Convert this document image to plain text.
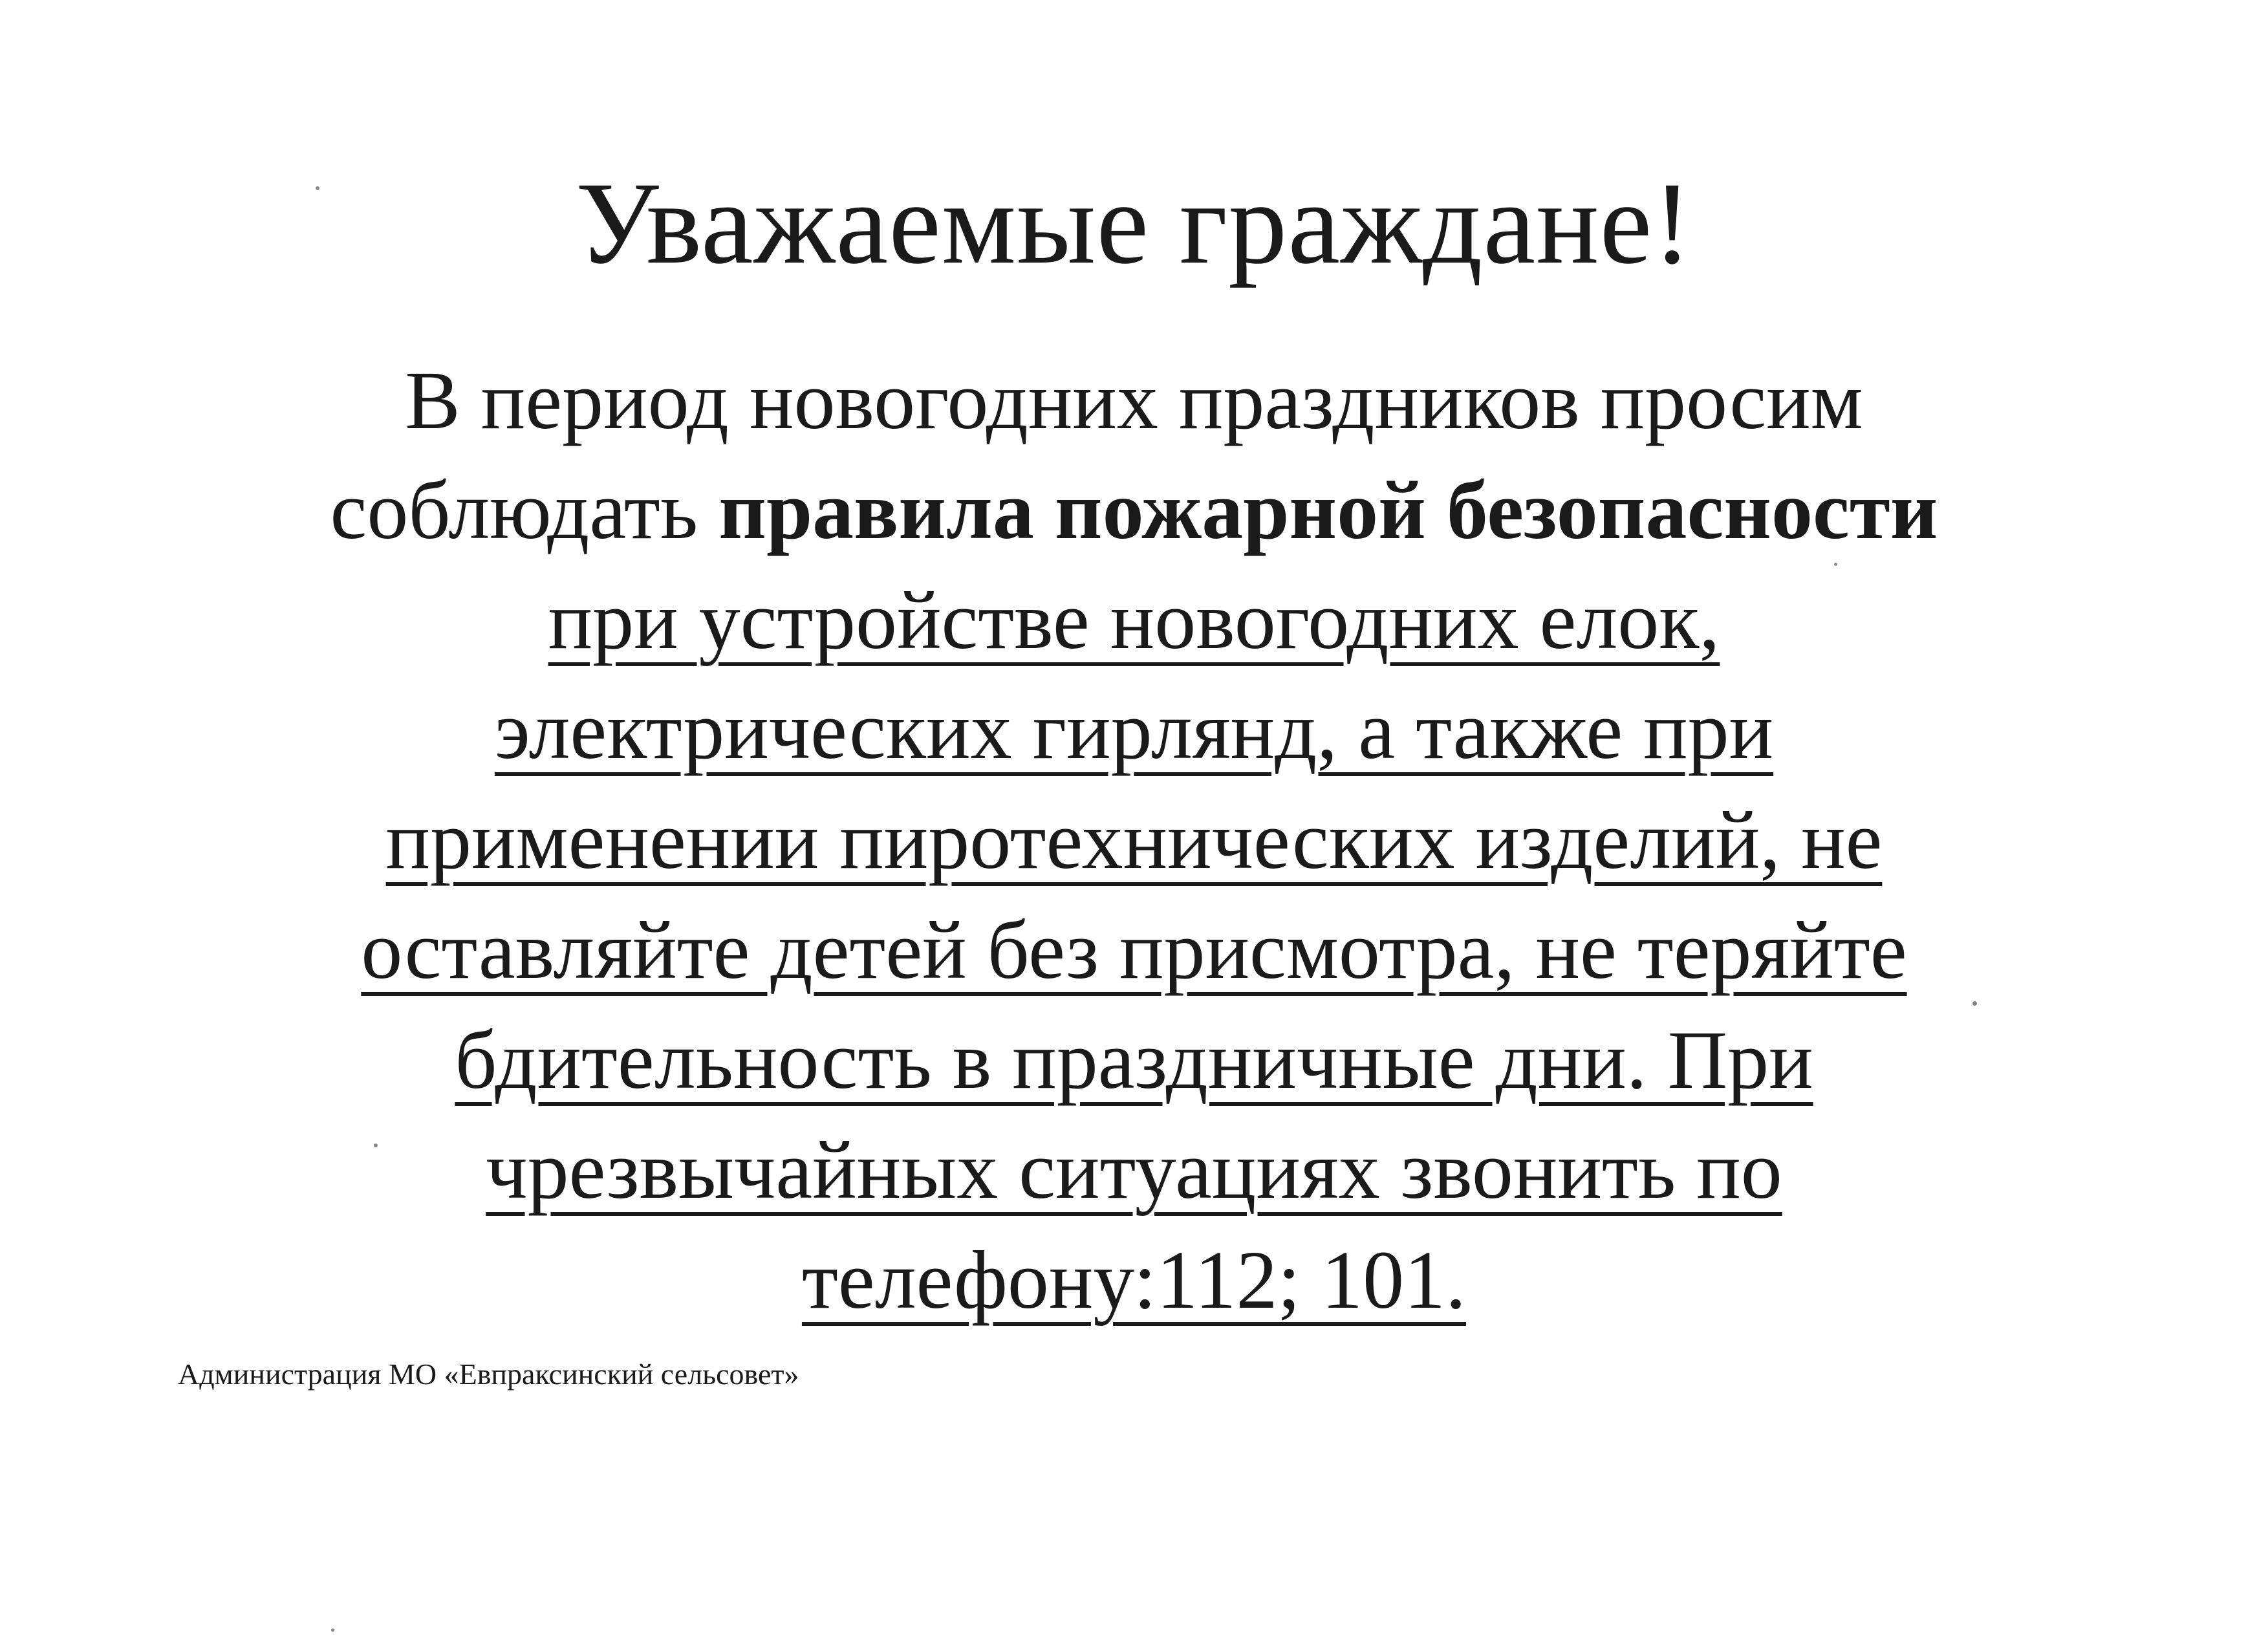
Уважаемые граждане!
В период новогодних праздников просим
соблюдать правила пожарной безопасности
при устройстве новогодних елок,
электрических гирлянд, а также при
применении пиротехнических изделий, не
оставляйте детей без присмотра, не теряйте
бдительность в праздничные дни. При
чрезвычайных ситуациях звонить по
телефону:112; 101.
Администрация МО «Евпраксинский сельсовет»
